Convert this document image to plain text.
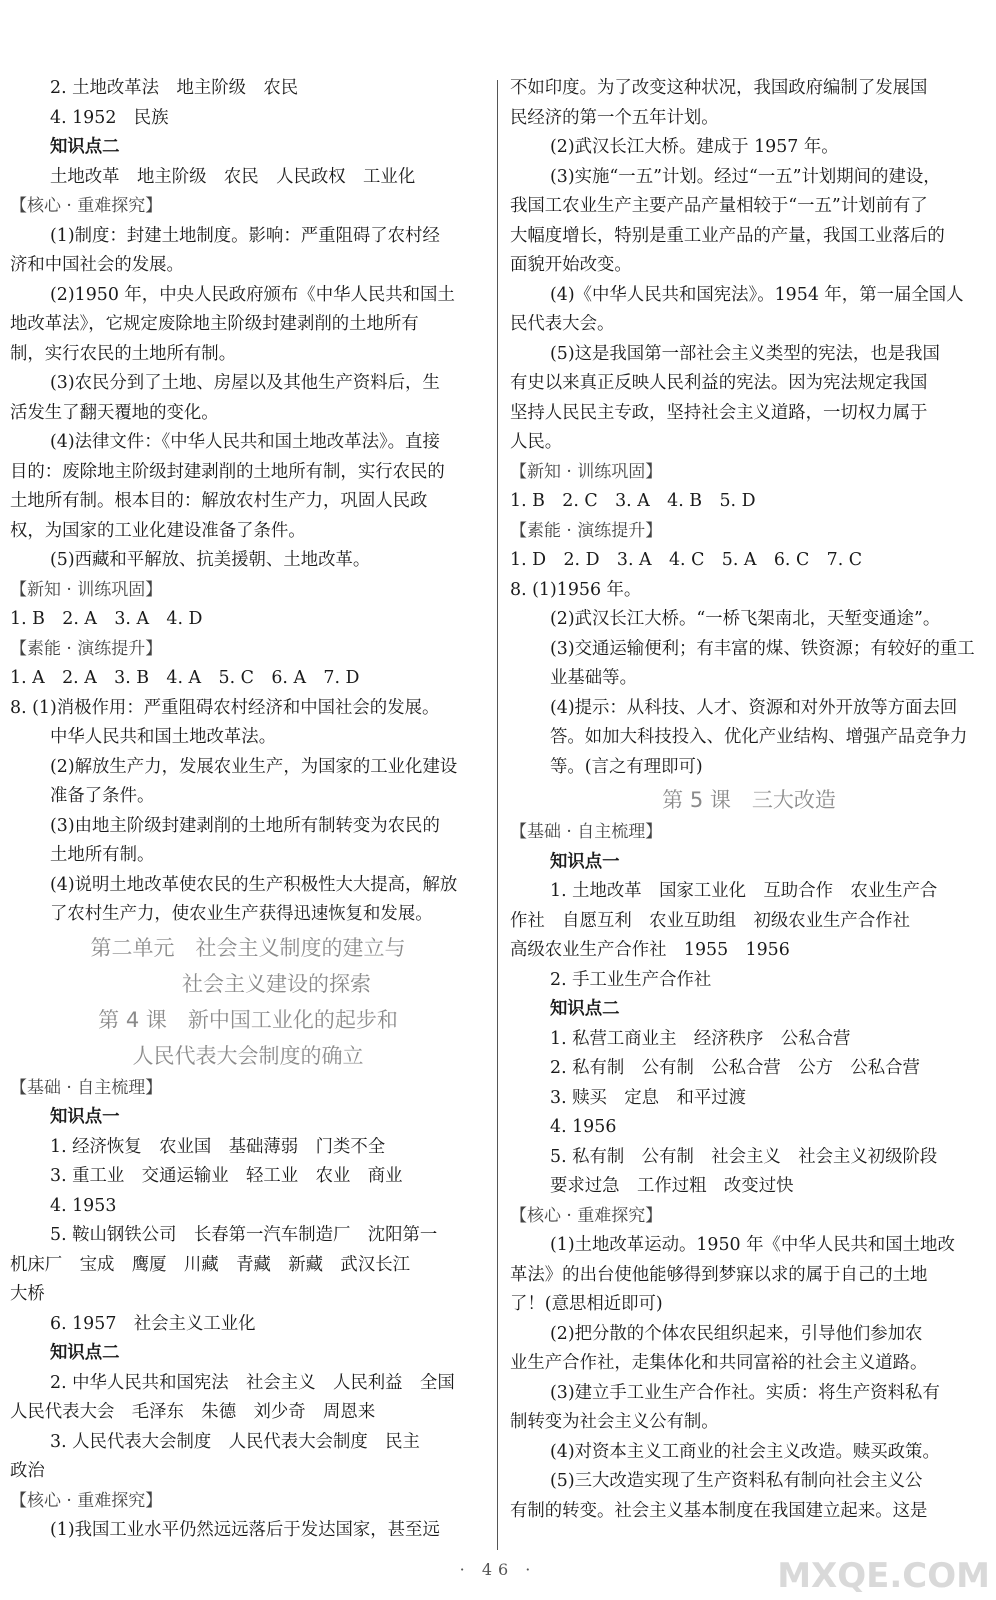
2. 土地改革法　地主阶级　农民
4. 1952　民族
知识点二
土地改革　地主阶级　农民　人民政权　工业化
【核心 · 重难探究】
(1)制度：封建土地制度。影响：严重阻碍了农村经
济和中国社会的发展。
(2)1950 年，中央人民政府颁布《中华人民共和国土
地改革法》，它规定废除地主阶级封建剥削的土地所有
制，实行农民的土地所有制。
(3)农民分到了土地、房屋以及其他生产资料后，生
活发生了翻天覆地的变化。
(4)法律文件：《中华人民共和国土地改革法》。直接
目的：废除地主阶级封建剥削的土地所有制，实行农民的
土地所有制。根本目的：解放农村生产力，巩固人民政
权，为国家的工业化建设准备了条件。
(5)西藏和平解放、抗美援朝、土地改革。
【新知 · 训练巩固】
1. B　2. A　3. A　4. D
【素能 · 演练提升】
1. A　2. A　3. B　4. A　5. C　6. A　7. D
8. (1)消极作用：严重阻碍农村经济和中国社会的发展。
中华人民共和国土地改革法。
(2)解放生产力，发展农业生产，为国家的工业化建设
准备了条件。
(3)由地主阶级封建剥削的土地所有制转变为农民的
土地所有制。
(4)说明土地改革使农民的生产积极性大大提高，解放
了农村生产力，使农业生产获得迅速恢复和发展。
第二单元　社会主义制度的建立与
社会主义建设的探索
第 4 课　新中国工业化的起步和
人民代表大会制度的确立
【基础 · 自主梳理】
知识点一
1. 经济恢复　农业国　基础薄弱　门类不全
3. 重工业　交通运输业　轻工业　农业　商业
4. 1953
5. 鞍山钢铁公司　长春第一汽车制造厂　沈阳第一
机床厂　宝成　鹰厦　川藏　青藏　新藏　武汉长江
大桥
6. 1957　社会主义工业化
知识点二
2. 中华人民共和国宪法　社会主义　人民利益　全国
人民代表大会　毛泽东　朱德　刘少奇　周恩来
3. 人民代表大会制度　人民代表大会制度　民主
政治
【核心 · 重难探究】
(1)我国工业水平仍然远远落后于发达国家，甚至远
不如印度。为了改变这种状况，我国政府编制了发展国
民经济的第一个五年计划。
(2)武汉长江大桥。建成于 1957 年。
(3)实施“一五”计划。经过“一五”计划期间的建设，
我国工农业生产主要产品产量相较于“一五”计划前有了
大幅度增长，特别是重工业产品的产量，我国工业落后的
面貌开始改变。
(4)《中华人民共和国宪法》。1954 年，第一届全国人
民代表大会。
(5)这是我国第一部社会主义类型的宪法，也是我国
有史以来真正反映人民利益的宪法。因为宪法规定我国
坚持人民民主专政，坚持社会主义道路，一切权力属于
人民。
【新知 · 训练巩固】
1. B　2. C　3. A　4. B　5. D
【素能 · 演练提升】
1. D　2. D　3. A　4. C　5. A　6. C　7. C
8. (1)1956 年。
(2)武汉长江大桥。“一桥飞架南北，天堑变通途”。
(3)交通运输便利；有丰富的煤、铁资源；有较好的重工
业基础等。
(4)提示：从科技、人才、资源和对外开放等方面去回
答。如加大科技投入、优化产业结构、增强产品竞争力
等。(言之有理即可)
第 5 课　三大改造
【基础 · 自主梳理】
知识点一
1. 土地改革　国家工业化　互助合作　农业生产合
作社　自愿互利　农业互助组　初级农业生产合作社
高级农业生产合作社　1955　1956
2. 手工业生产合作社
知识点二
1. 私营工商业主　经济秩序　公私合营
2. 私有制　公有制　公私合营　公方　公私合营
3. 赎买　定息　和平过渡
4. 1956
5. 私有制　公有制　社会主义　社会主义初级阶段
要求过急　工作过粗　改变过快
【核心 · 重难探究】
(1)土地改革运动。1950 年《中华人民共和国土地改
革法》的出台使他能够得到梦寐以求的属于自己的土地
了！(意思相近即可)
(2)把分散的个体农民组织起来，引导他们参加农
业生产合作社，走集体化和共同富裕的社会主义道路。
(3)建立手工业生产合作社。实质：将生产资料私有
制转变为社会主义公有制。
(4)对资本主义工商业的社会主义改造。赎买政策。
(5)三大改造实现了生产资料私有制向社会主义公
有制的转变。社会主义基本制度在我国建立起来。这是
· 46 ·	MXQE.COM
